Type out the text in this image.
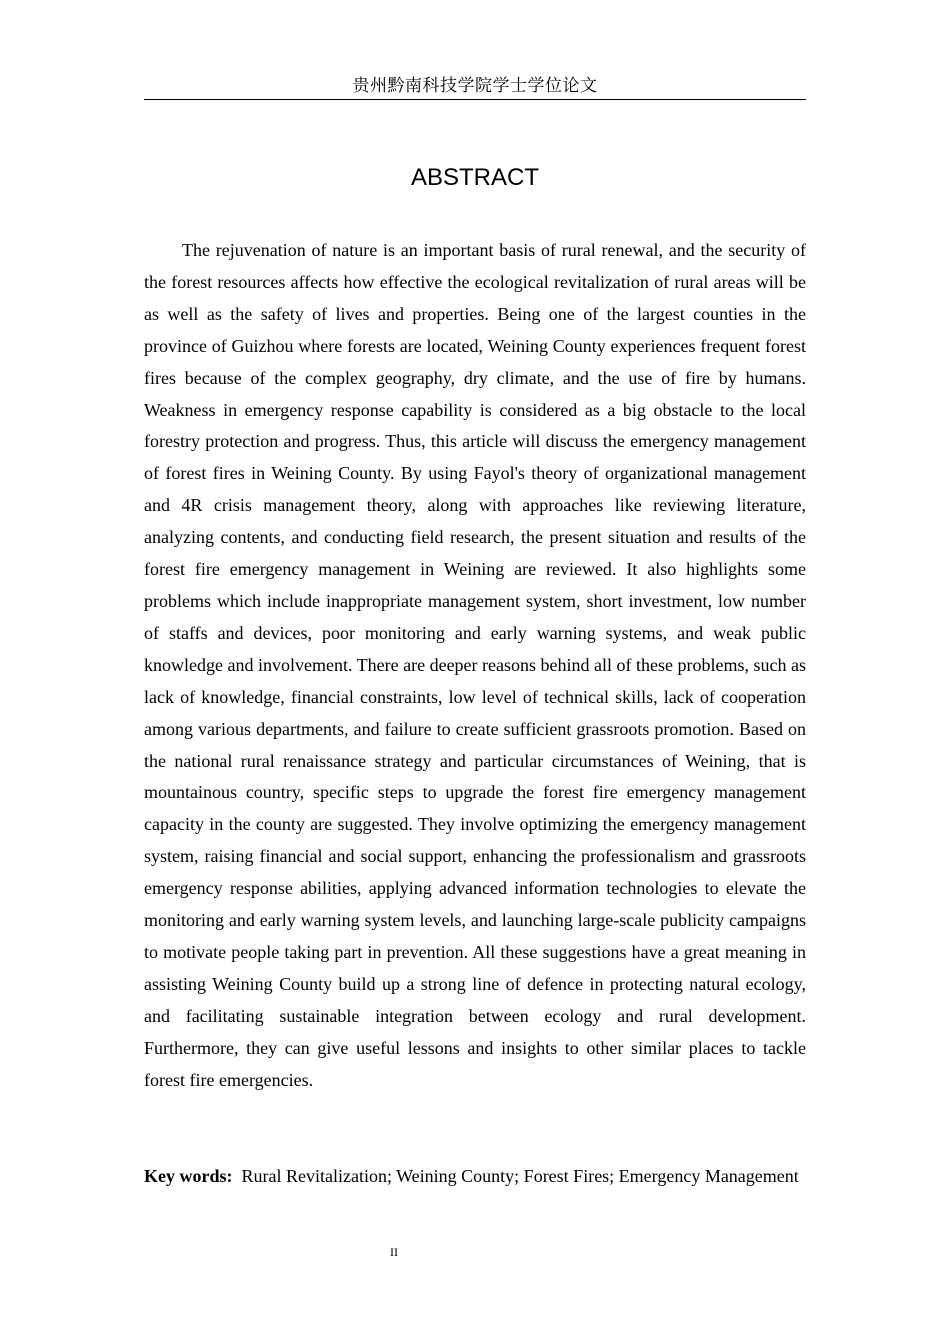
贵州黔南科技学院学士学位论文
ABSTRACT

The rejuvenation of nature is an important basis of rural renewal, and the security of the forest resources affects how effective the ecological revitalization of rural areas will be as well as the safety of lives and properties. Being one of the largest counties in the province of Guizhou where forests are located, Weining County experiences frequent forest fires because of the complex geography, dry climate, and the use of fire by humans. Weakness in emergency response capability is considered as a big obstacle to the local forestry protection and progress. Thus, this article will discuss the emergency management of forest fires in Weining County. By using Fayol's theory of organizational management and 4R crisis management theory, along with approaches like reviewing literature, analyzing contents, and conducting field research, the present situation and results of the forest fire emergency management in Weining are reviewed. It also highlights some problems which include inappropriate management system, short investment, low number of staffs and devices, poor monitoring and early warning systems, and weak public knowledge and involvement. There are deeper reasons behind all of these problems, such as lack of knowledge, financial constraints, low level of technical skills, lack of cooperation among various departments, and failure to create sufficient grassroots promotion. Based on the national rural renaissance strategy and particular circumstances of Weining, that is mountainous country, specific steps to upgrade the forest fire emergency management capacity in the county are suggested. They involve optimizing the emergency management system, raising financial and social support, enhancing the professionalism and grassroots emergency response abilities, applying advanced information technologies to elevate the monitoring and early warning system levels, and launching large-scale publicity campaigns to motivate people taking part in prevention. All these suggestions have a great meaning in assisting Weining County build up a strong line of defence in protecting natural ecology, and facilitating sustainable integration between ecology and rural development. Furthermore, they can give useful lessons and insights to other similar places to tackle forest fire emergencies.

Key words: Rural Revitalization; Weining County; Forest Fires; Emergency Management

II
